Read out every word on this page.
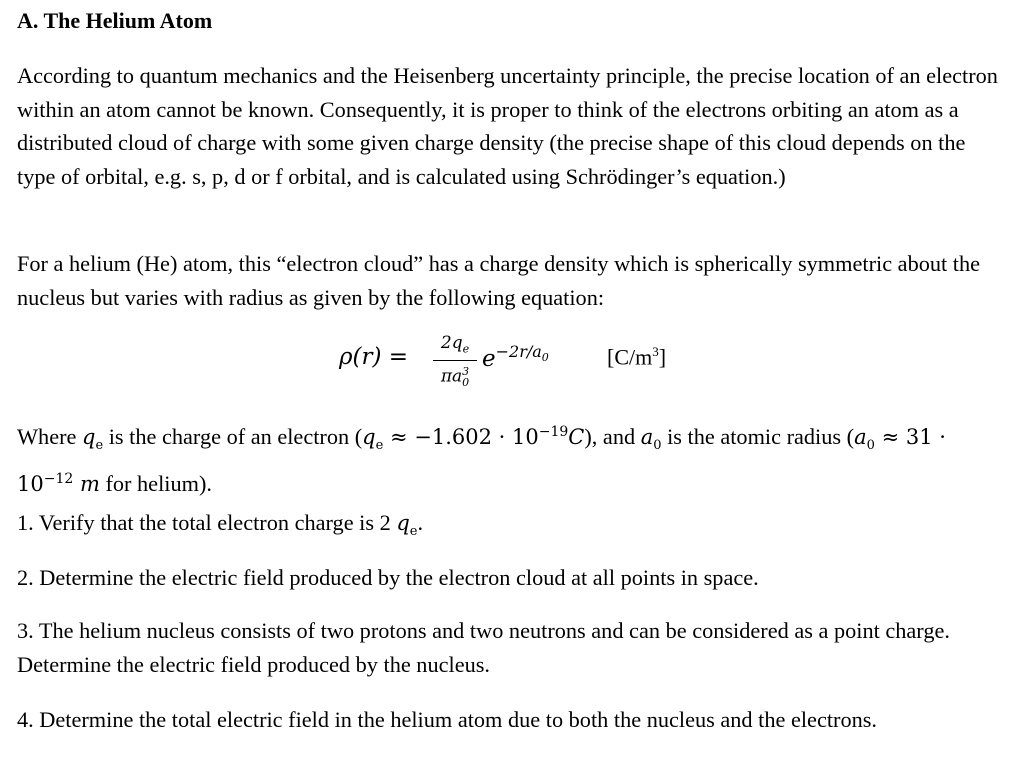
A. The Helium Atom
According to quantum mechanics and the Heisenberg uncertainty principle, the precise location of an electron within an atom cannot be known. Consequently, it is proper to think of the electrons orbiting an atom as a distributed cloud of charge with some given charge density (the precise shape of this cloud depends on the type of orbital, e.g. s, p, d or f orbital, and is calculated using Schrödinger’s equation.)
For a helium (He) atom, this “electron cloud” has a charge density which is spherically symmetric about the nucleus but varies with radius as given by the following equation:
ρ(r) =
$2q_e$
$\pi a^3_0$
$e^{-2r/a_0}$	$[C/m^3]$
Where $q_e$ is the charge of an electron $(q_e \approx -1.602 \cdot 10^{-19}C)$, and $a_0$ is the atomic radius ($a_0 \approx 31 \cdot 10^{-12}$ m for helium).
1. Verify that the total electron charge is 2 $q_e$.
2. Determine the electric field produced by the electron cloud at all points in space.
3. The helium nucleus consists of two protons and two neutrons and can be considered as a point charge. Determine the electric field produced by the nucleus.
4. Determine the total electric field in the helium atom due to both the nucleus and the electrons.
